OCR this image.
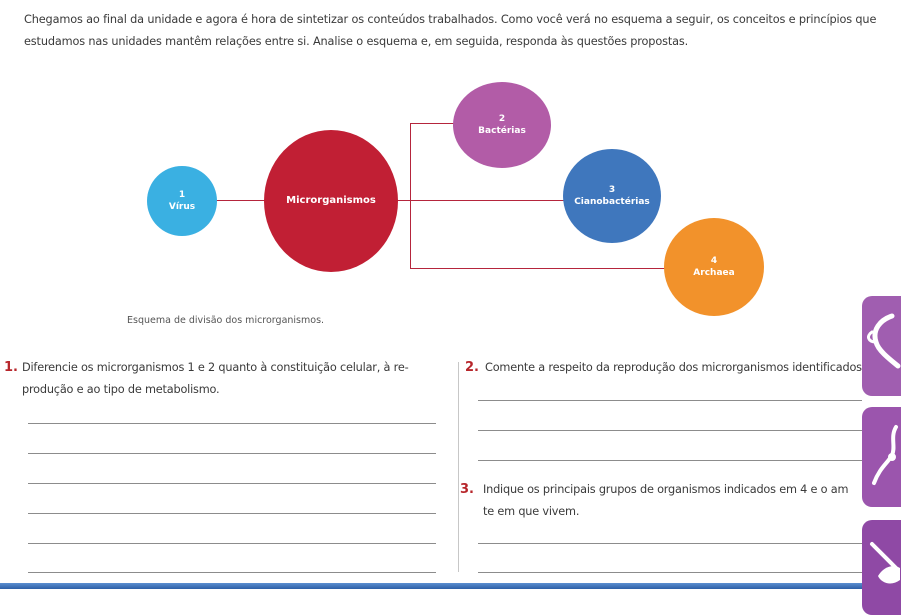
Chegamos ao final da unidade e agora é hora de sintetizar os conteúdos trabalhados. Como você verá no esquema a seguir, os conceitos e princípios que estudamos nas unidades mantêm relações entre si. Analise o esquema e, em seguida, responda às questões propostas.
1
Vírus
Microrganismos
2
Bactérias
3
Cianobactérias
4
Archaea
Esquema de divisão dos microrganismos.
1. Diferencie os microrganismos 1 e 2 quanto à constituição celular, à re-
produção e ao tipo de metabolismo.
2. Comente a respeito da reprodução dos microrganismos identificados
3. Indique os principais grupos de organismos indicados em 4 e o am
te em que vivem.
